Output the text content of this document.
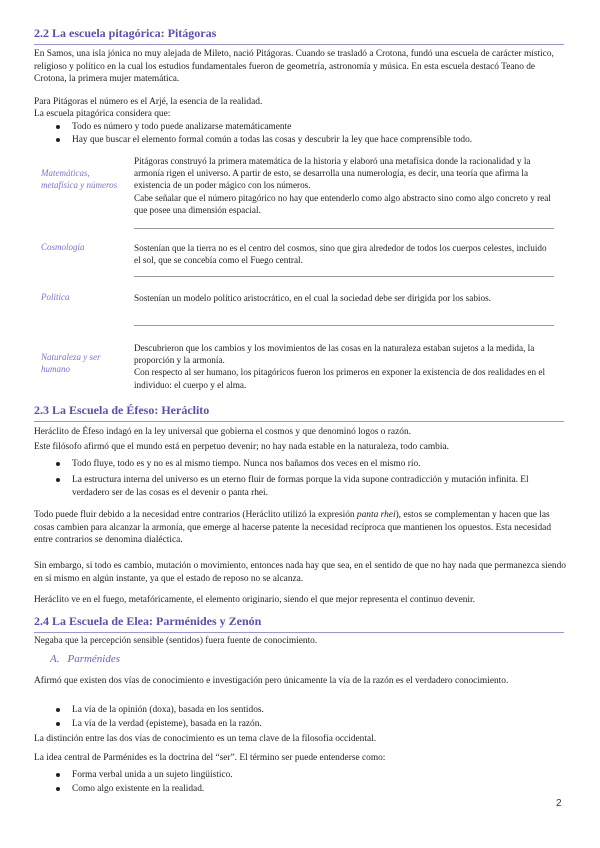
2.2 La escuela pitagórica: Pitágoras

En Samos, una isla jónica no muy alejada de Mileto, nació Pitágoras. Cuando se trasladó a Crotona, fundó una escuela de carácter místico, religioso y político en la cual los estudios fundamentales fueron de geometría, astronomía y música. En esta escuela destacó Teano de Crotona, la primera mujer matemática.

Para Pitágoras el número es el Arjé, la esencia de la realidad.

La escuela pitagórica considera que:

Todo es número y todo puede analizarse matemáticamente
Hay que buscar el elemento formal común a todas las cosas y descubrir la ley que hace comprensible todo.
Matemáticas, metafísica y números
Pitágoras construyó la primera matemática de la historia y elaboró una metafísica donde la racionalidad y la armonía rigen el universo. A partir de esto, se desarrolla una numerología, es decir, una teoría que afirma la existencia de un poder mágico con los números.
Cabe señalar que el número pitagórico no hay que entenderlo como algo abstracto sino como algo concreto y real que posee una dimensión espacial.
Cosmología	Sostenían que la tierra no es el centro del cosmos, sino que gira alrededor de todos los cuerpos celestes, incluido el sol, que se concebía como el Fuego central.
Política	Sostenían un modelo político aristocrático, en el cual la sociedad debe ser dirigida por los sabios.
Naturaleza y ser humano
Descubrieron que los cambios y los movimientos de las cosas en la naturaleza estaban sujetos a la medida, la proporción y la armonía.
Con respecto al ser humano, los pitagóricos fueron los primeros en exponer la existencia de dos realidades en el individuo: el cuerpo y el alma.
2.3 La Escuela de Éfeso: Heráclito

Heráclito de Éfeso indagó en la ley universal que gobierna el cosmos y que denominó logos o razón.

Este filósofo afirmó que el mundo está en perpetuo devenir; no hay nada estable en la naturaleza, todo cambia.

Todo fluye, todo es y no es al mismo tiempo. Nunca nos bañamos dos veces en el mismo río.
La estructura interna del universo es un eterno fluir de formas porque la vida supone contradicción y mutación infinita. El verdadero ser de las cosas es el devenir o panta rhei.

Todo puede fluir debido a la necesidad entre contrarios (Heráclito utilizó la expresión panta rhei), estos se complementan y hacen que las cosas cambien para alcanzar la armonía, que emerge al hacerse patente la necesidad recíproca que mantienen los opuestos. Esta necesidad entre contrarios se denomina dialéctica.

Sin embargo, si todo es cambio, mutación o movimiento, entonces nada hay que sea, en el sentido de que no hay nada que permanezca siendo en sí mismo en algún instante, ya que el estado de reposo no se alcanza.

Heráclito ve en el fuego, metafóricamente, el elemento originario, siendo el que mejor representa el continuo devenir.

2.4 La Escuela de Elea: Parménides y Zenón

Negaba que la percepción sensible (sentidos) fuera fuente de conocimiento.

A. Parménides

Afirmó que existen dos vías de conocimiento e investigación pero únicamente la vía de la razón es el verdadero conocimiento.

La vía de la opinión (doxa), basada en los sentidos.
La vía de la verdad (episteme), basada en la razón.

La distinción entre las dos vías de conocimiento es un tema clave de la filosofía occidental.

La idea central de Parménides es la doctrina del “ser”. El término ser puede entenderse como:

Forma verbal unida a un sujeto lingüístico.
Como algo existente en la realidad.
2
